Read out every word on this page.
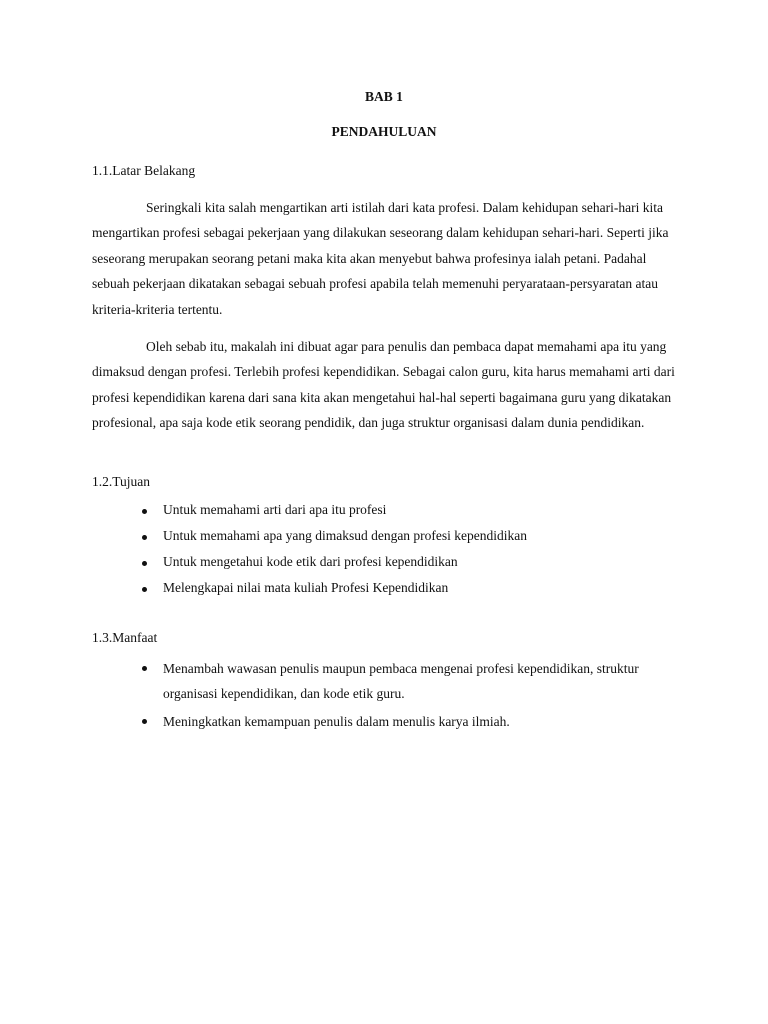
BAB 1
PENDAHULUAN
1.1.Latar Belakang

Seringkali kita salah mengartikan arti istilah dari kata profesi. Dalam kehidupan sehari-hari kita mengartikan profesi sebagai pekerjaan yang dilakukan seseorang dalam kehidupan sehari-hari. Seperti jika seseorang merupakan seorang petani maka kita akan menyebut bahwa profesinya ialah petani. Padahal sebuah pekerjaan dikatakan sebagai sebuah profesi apabila telah memenuhi peryarataan-persyaratan atau kriteria-kriteria tertentu.

Oleh sebab itu, makalah ini dibuat agar para penulis dan pembaca dapat memahami apa itu yang dimaksud dengan profesi. Terlebih profesi kependidikan. Sebagai calon guru, kita harus memahami arti dari profesi kependidikan karena dari sana kita akan mengetahui hal-hal seperti bagaimana guru yang dikatakan profesional, apa saja kode etik seorang pendidik, dan juga struktur organisasi dalam dunia pendidikan.

1.2.Tujuan
Untuk memahami arti dari apa itu profesi
Untuk memahami apa yang dimaksud dengan profesi kependidikan
Untuk mengetahui kode etik dari profesi kependidikan
Melengkapai nilai mata kuliah Profesi Kependidikan
1.3.Manfaat
Menambah wawasan penulis maupun pembaca mengenai profesi kependidikan, struktur organisasi kependidikan, dan kode etik guru.
Meningkatkan kemampuan penulis dalam menulis karya ilmiah.
